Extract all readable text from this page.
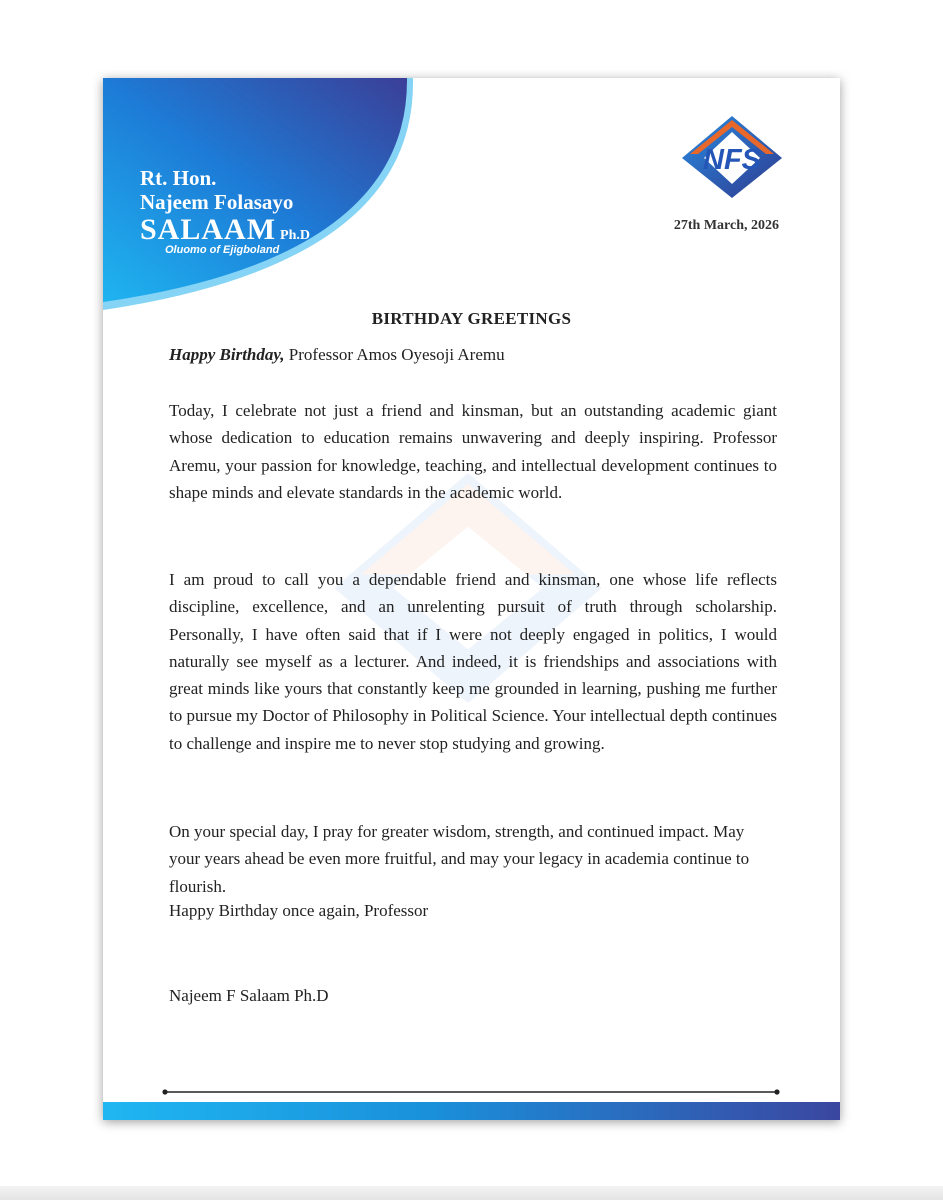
Rt. Hon.
Najeem Folasayo
SALAAM Ph.D
Oluomo of Ejigboland
NFS
27th March, 2026
BIRTHDAY GREETINGS
Happy Birthday, Professor Amos Oyesoji Aremu

Today, I celebrate not just a friend and kinsman, but an outstanding academic giant whose dedication to education remains unwavering and deeply inspiring. Professor Aremu, your passion for knowledge, teaching, and intellectual development continues to shape minds and elevate standards in the academic world.

I am proud to call you a dependable friend and kinsman, one whose life reflects discipline, excellence, and an unrelenting pursuit of truth through scholarship. Personally, I have often said that if I were not deeply engaged in politics, I would naturally see myself as a lecturer. And indeed, it is friendships and associations with great minds like yours that constantly keep me grounded in learning, pushing me further to pursue my Doctor of Philosophy in Political Science. Your intellectual depth continues to challenge and inspire me to never stop studying and growing.

On your special day, I pray for greater wisdom, strength, and continued impact. May your years ahead be even more fruitful, and may your legacy in academia continue to flourish.

Happy Birthday once again, Professor
Najeem F Salaam Ph.D
